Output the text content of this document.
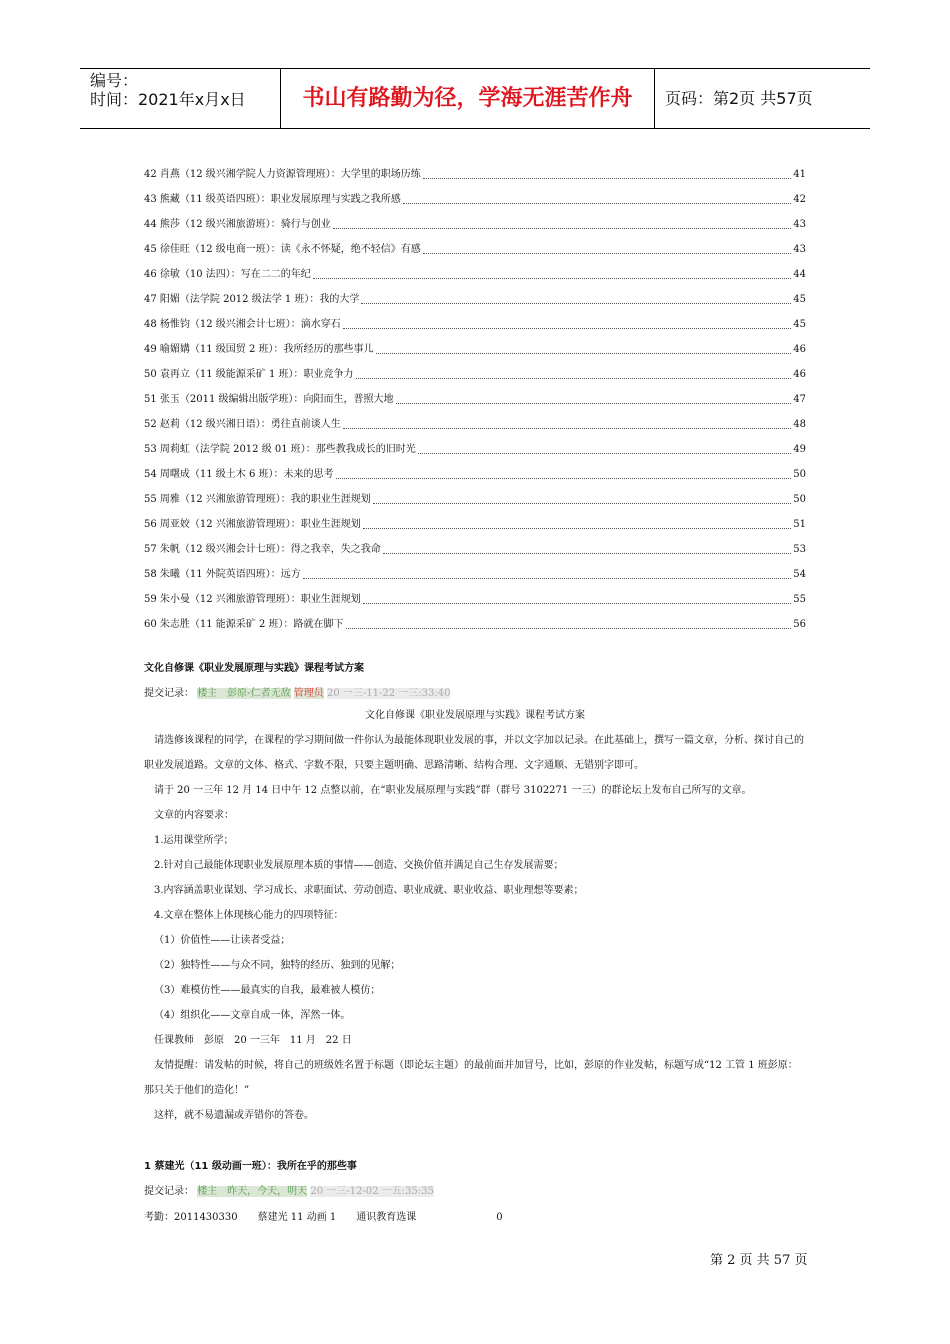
编号：
时间：2021年x月x日	书山有路勤为径，学海无涯苦作舟	页码：第2页 共57页
42 肖燕（12 级兴湘学院人力资源管理班）：大学里的职场历练	41
43 熊藏（11 级英语四班）：职业发展原理与实践之我所感	42
44 熊莎（12 级兴湘旅游班）：骑行与创业	43
45 徐佳旺（12 级电商一班）：读《永不怀疑，绝不轻信》有感	43
46 徐敏（10 法四）：写在二二的年纪	44
47 阳媚（法学院 2012 级法学 1 班）：我的大学	45
48 杨惟钧（12 级兴湘会计七班）：滴水穿石	45
49 喻媚媾（11 级国贸 2 班）：我所经历的那些事儿	46
50 袁再立（11 级能源采矿 1 班）：职业竞争力	46
51 张玉（2011 级编辑出版学班）：向阳而生，普照大地	47
52 赵莉（12 级兴湘日语）：勇往直前谈人生	48
53 周莉虹（法学院 2012 级 01 班）：那些教我成长的旧时光	49
54 周曙成（11 级土木 6 班）：未来的思考	50
55 周雅（12 兴湘旅游管理班）：我的职业生涯规划	50
56 周亚姣（12 兴湘旅游管理班）：职业生涯规划	51
57 朱帆（12 级兴湘会计七班）：得之我幸，失之我命	53
58 朱曦（11 外院英语四班）：远方	54
59 朱小曼（12 兴湘旅游管理班）：职业生涯规划	55
60 朱志胜（11 能源采矿 2 班）：路就在脚下	56
文化自修课《职业发展原理与实践》课程考试方案
提交记录： 楼主　彭原-仁者无敌 管理员 20 一三-11-22 一三:33:40

文化自修课《职业发展原理与实践》课程考试方案

请选修该课程的同学，在课程的学习期间做一件你认为最能体现职业发展的事，并以文字加以记录。在此基础上，撰写一篇文章，分析、探讨自己的职业发展道路。文章的文体、格式、字数不限，只要主题明确、思路清晰、结构合理、文字通顺、无错别字即可。

请于 20 一三年 12 月 14 日中午 12 点整以前，在“职业发展原理与实践”群（群号 3102271 一三）的群论坛上发布自己所写的文章。

文章的内容要求：

1.运用课堂所学；

2.针对自己最能体现职业发展原理本质的事情——创造、交换价值并满足自己生存发展需要；

3.内容涵盖职业谋划、学习成长、求职面试、劳动创造、职业成就、职业收益、职业理想等要素；

4.文章在整体上体现核心能力的四项特征：

（1）价值性——让读者受益；

（2）独特性——与众不同，独特的经历、独到的见解；

（3）难模仿性——最真实的自我，最难被人模仿；

（4）组织化——文章自成一体，浑然一体。

任课教师　彭原　20 一三年　11 月　22 日

友情提醒：请发帖的时候，将自己的班级姓名置于标题（即论坛主题）的最前面并加冒号，比如，彭原的作业发帖，标题写成“12 工管 1 班彭原：那只关于他们的造化！”

这样，就不易遗漏或弄错你的答卷。

1 蔡建光（11 级动画一班）：我所在乎的那些事
提交记录： 楼主　昨天，今天，明天 20 一三-12-02 一五:35:35
考勤：2011430330　　蔡建光 11 动画 1　　通识教育选课　　　　　　　　0
第 2 页 共 57 页
